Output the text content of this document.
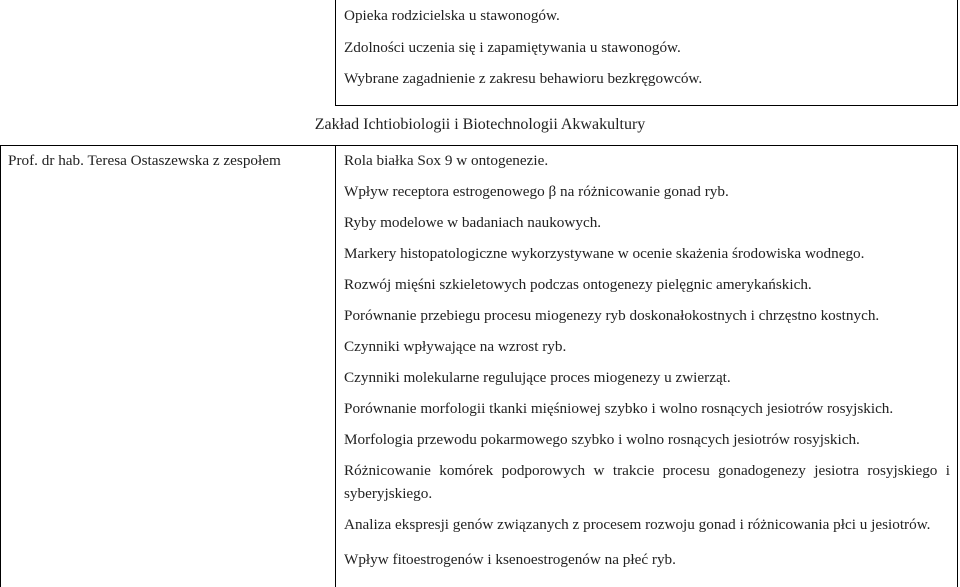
Opieka rodzicielska u stawonogów.
Zdolności uczenia się i zapamiętywania u stawonogów.
Wybrane zagadnienie z zakresu behawioru bezkręgowców.
Zakład Ichtiobiologii i Biotechnologii Akwakultury
Prof. dr hab. Teresa Ostaszewska z zespołem	Rola białka Sox 9 w ontogenezie.
Wpływ receptora estrogenowego β na różnicowanie gonad ryb.
Ryby modelowe w badaniach naukowych.
Markery histopatologiczne wykorzystywane w ocenie skażenia środowiska wodnego.
Rozwój mięśni szkieletowych podczas ontogenezy pielęgnic amerykańskich.
Porównanie przebiegu procesu miogenezy ryb doskonałokostnych i chrzęstno kostnych.
Czynniki wpływające na wzrost ryb.
Czynniki molekularne regulujące proces miogenezy u zwierząt.
Porównanie morfologii tkanki mięśniowej szybko i wolno rosnących jesiotrów rosyjskich.
Morfologia przewodu pokarmowego szybko i wolno rosnących jesiotrów rosyjskich.
Różnicowanie komórek podporowych w trakcie procesu gonadogenezy jesiotra rosyjskiego i syberyjskiego.
Analiza ekspresji genów związanych z procesem rozwoju gonad i różnicowania płci u jesiotrów.
Wpływ fitoestrogenów i ksenoestrogenów na płeć ryb.
